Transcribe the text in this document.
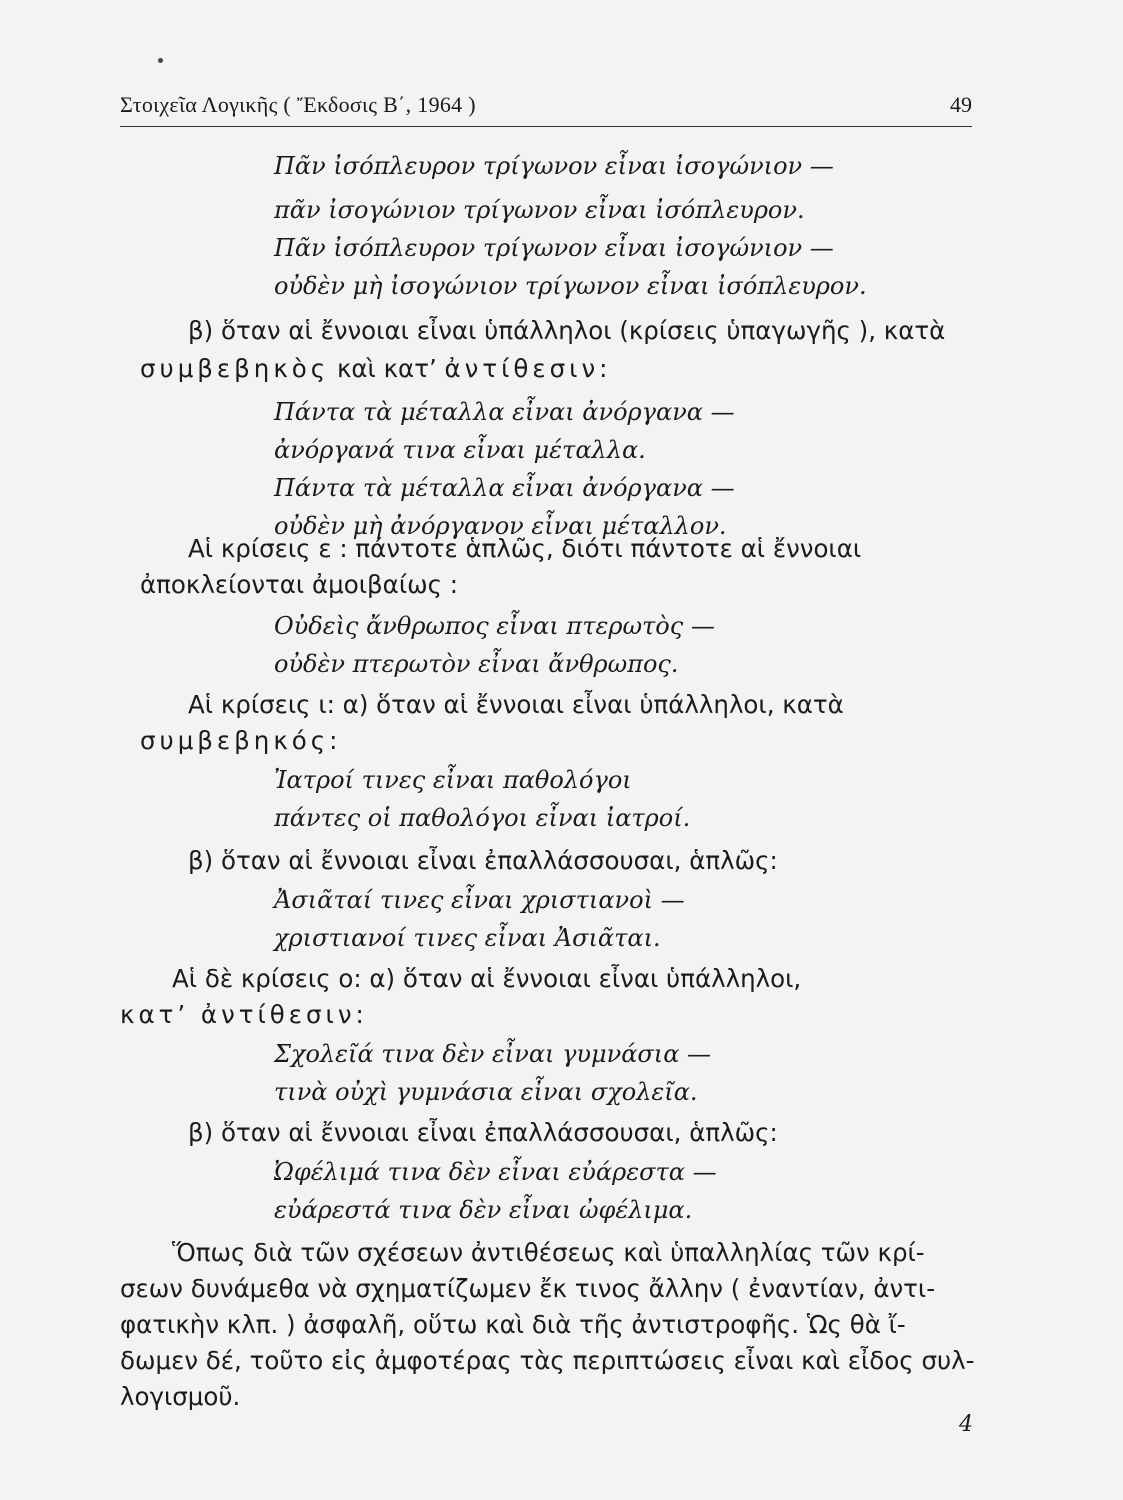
Στοιχεῖα Λογικῆς ( Ἔκδοσις Β΄, 1964 )	49
Πᾶν ἰσόπλευρον τρίγωνον εἶναι ἰσογώνιον —
πᾶν ἰσογώνιον τρίγωνον εἶναι ἰσόπλευρον.
Πᾶν ἰσόπλευρον τρίγωνον εἶναι ἰσογώνιον —
οὐδὲν μὴ ἰσογώνιον τρίγωνον εἶναι ἰσόπλευρον.
β) ὅταν αἱ ἔννοιαι εἶναι ὑπάλληλοι (κρίσεις ὑπαγωγῆς ), κατὰ
συμβεβηκὸς καὶ κατ’ ἀντίθεσιν:
Πάντα τὰ μέταλλα εἶναι ἀνόργανα —
ἀνόργανά τινα εἶναι μέταλλα.
Πάντα τὰ μέταλλα εἶναι ἀνόργανα —
οὐδὲν μὴ ἀνόργανον εἶναι μέταλλον.
Αἱ κρίσεις ε : πάντοτε ἁπλῶς, διότι πάντοτε αἱ ἔννοιαι
ἀποκλείονται ἀμοιβαίως :
Οὐδεὶς ἄνθρωπος εἶναι πτερωτὸς —
οὐδὲν πτερωτὸν εἶναι ἄνθρωπος.
Αἱ κρίσεις ι: α) ὅταν αἱ ἔννοιαι εἶναι ὑπάλληλοι, κατὰ
συμβεβηκός:
Ἰατροί τινες εἶναι παθολόγοι
πάντες οἱ παθολόγοι εἶναι ἰατροί.
β) ὅταν αἱ ἔννοιαι εἶναι ἐπαλλάσσουσαι, ἁπλῶς:
Ἀσιᾶταί τινες εἶναι χριστιανοὶ —
χριστιανοί τινες εἶναι Ἀσιᾶται.
Αἱ δὲ κρίσεις ο: α) ὅταν αἱ ἔννοιαι εἶναι ὑπάλληλοι,
κατ’ ἀντίθεσιν:
Σχολεῖά τινα δὲν εἶναι γυμνάσια —
τινὰ οὐχὶ γυμνάσια εἶναι σχολεῖα.
β) ὅταν αἱ ἔννοιαι εἶναι ἐπαλλάσσουσαι, ἁπλῶς:
Ὠφέλιμά τινα δὲν εἶναι εὐάρεστα —
εὐάρεστά τινα δὲν εἶναι ὠφέλιμα.
Ὅπως διὰ τῶν σχέσεων ἀντιθέσεως καὶ ὑπαλληλίας τῶν κρί-
σεων δυνάμεθα νὰ σχηματίζωμεν ἔκ τινος ἄλλην ( ἐναντίαν, ἀντι-
φατικὴν κλπ. ) ἀσφαλῆ, οὕτω καὶ διὰ τῆς ἀντιστροφῆς. Ὡς θὰ ἴ-
δωμεν δέ, τοῦτο εἰς ἀμφοτέρας τὰς περιπτώσεις εἶναι καὶ εἶδος συλ-
λογισμοῦ.
4
